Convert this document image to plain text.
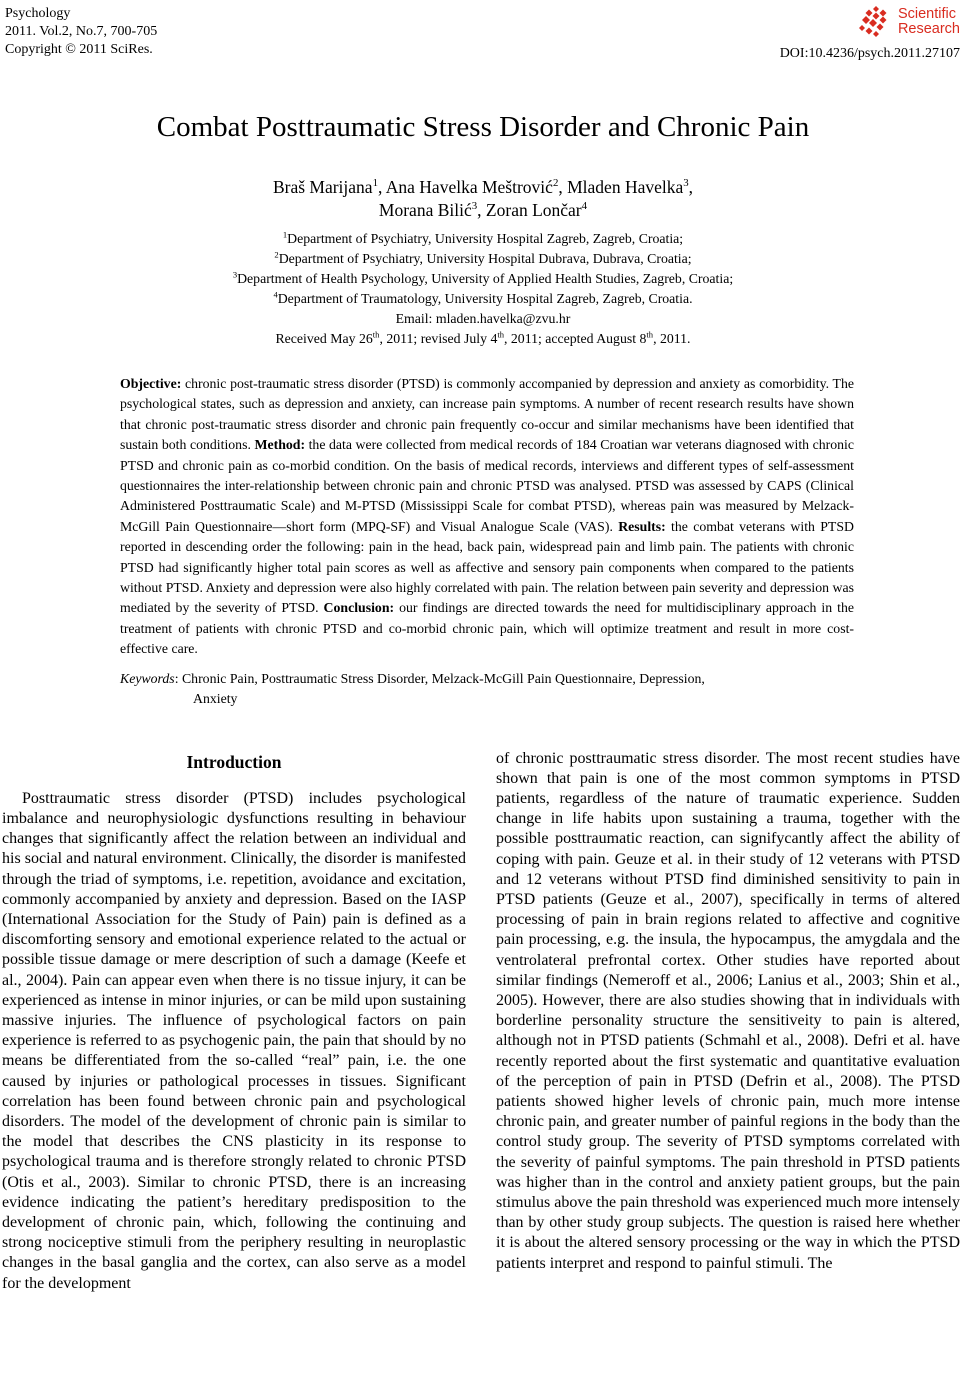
Psychology
2011. Vol.2, No.7, 700-705
Copyright © 2011 SciRes.
Scientific
Research
DOI:10.4236/psych.2011.27107
Combat Posttraumatic Stress Disorder and Chronic Pain
Braš Marijana$^1$, Ana Havelka Meštrović$^2$, Mladen Havelka$^3$,
Morana Bilić$^3$, Zoran Lončar$^4$
$^1$Department of Psychiatry, University Hospital Zagreb, Zagreb, Croatia;
$^2$Department of Psychiatry, University Hospital Dubrava, Dubrava, Croatia;
$^3$Department of Health Psychology, University of Applied Health Studies, Zagreb, Croatia;
$^4$Department of Traumatology, University Hospital Zagreb, Zagreb, Croatia.
Email: mladen.havelka@zvu.hr
Received May 26th, 2011; revised July 4th, 2011; accepted August 8th, 2011.
Objective: chronic post-traumatic stress disorder (PTSD) is commonly accompanied by depression and anxiety as comorbidity. The psychological states, such as depression and anxiety, can increase pain symptoms. A number of recent research results have shown that chronic post-traumatic stress disorder and chronic pain frequently co-occur and similar mechanisms have been identified that sustain both conditions. Method: the data were collected from medical records of 184 Croatian war veterans diagnosed with chronic PTSD and chronic pain as co-morbid condition. On the basis of medical records, interviews and different types of self-assessment questionnaires the inter-relationship between chronic pain and chronic PTSD was analysed. PTSD was assessed by CAPS (Clinical Administered Posttraumatic Scale) and M-PTSD (Mississippi Scale for combat PTSD), whereas pain was measured by Melzack-McGill Pain Questionnaire—short form (MPQ-SF) and Visual Analogue Scale (VAS). Results: the combat veterans with PTSD reported in descending order the following: pain in the head, back pain, widespread pain and limb pain. The patients with chronic PTSD had significantly higher total pain scores as well as affective and sensory pain components when compared to the patients without PTSD. Anxiety and depression were also highly correlated with pain. The relation between pain severity and depression was mediated by the severity of PTSD. Conclusion: our findings are directed towards the need for multidisciplinary approach in the treatment of patients with chronic PTSD and co-morbid chronic pain, which will optimize treatment and result in more cost-effective care.
Keywords: Chronic Pain, Posttraumatic Stress Disorder, Melzack-McGill Pain Questionnaire, Depression,
Anxiety
Introduction

Posttraumatic stress disorder (PTSD) includes psychological imbalance and neurophysiologic dysfunctions resulting in behaviour changes that significantly affect the relation between an individual and his social and natural environment. Clinically, the disorder is manifested through the triad of symptoms, i.e. repetition, avoidance and excitation, commonly accompanied by anxiety and depression. Based on the IASP (International Association for the Study of Pain) pain is defined as a discomforting sensory and emotional experience related to the actual or possible tissue damage or mere description of such a damage (Keefe et al., 2004). Pain can appear even when there is no tissue injury, it can be experienced as intense in minor injuries, or can be mild upon sustaining massive injuries. The influence of psychological factors on pain experience is referred to as psychogenic pain, the pain that should by no means be differentiated from the so-called “real” pain, i.e. the one caused by injuries or pathological processes in tissues. Significant correlation has been found between chronic pain and psychological disorders. The model of the development of chronic pain is similar to the model that describes the CNS plasticity in its response to psychological trauma and is therefore strongly related to chronic PTSD (Otis et al., 2003). Similar to chronic PTSD, there is an increasing evidence indicating the patient’s hereditary predisposition to the development of chronic pain, which, following the continuing and strong nociceptive stimuli from the periphery resulting in neuroplastic changes in the basal ganglia and the cortex, can also serve as a model for the development

of chronic posttraumatic stress disorder. The most recent studies have shown that pain is one of the most common symptoms in PTSD patients, regardless of the nature of traumatic experience. Sudden change in life habits upon sustaining a trauma, together with the possible posttraumatic reaction, can signifycantly affect the ability of coping with pain. Geuze et al. in their study of 12 veterans with PTSD and 12 veterans without PTSD find diminished sensitivity to pain in PTSD patients (Geuze et al., 2007), specifically in terms of altered processing of pain in brain regions related to affective and cognitive pain processing, e.g. the insula, the hypocampus, the amygdala and the ventrolateral prefrontal cortex. Other studies have reported about similar findings (Nemeroff et al., 2006; Lanius et al., 2003; Shin et al., 2005). However, there are also studies showing that in individuals with borderline personality structure the sensitiveity to pain is altered, although not in PTSD patients (Schmahl et al., 2008). Defri et al. have recently reported about the first systematic and quantitative evaluation of the perception of pain in PTSD (Defrin et al., 2008). The PTSD patients showed higher levels of chronic pain, much more intense chronic pain, and greater number of painful regions in the body than the control study group. The severity of PTSD symptoms correlated with the severity of painful symptoms. The pain threshold in PTSD patients was higher than in the control and anxiety patient groups, but the pain stimulus above the pain threshold was experienced much more intensely than by other study group subjects. The question is raised here whether it is about the altered sensory processing or the way in which the PTSD patients interpret and respond to painful stimuli. The
